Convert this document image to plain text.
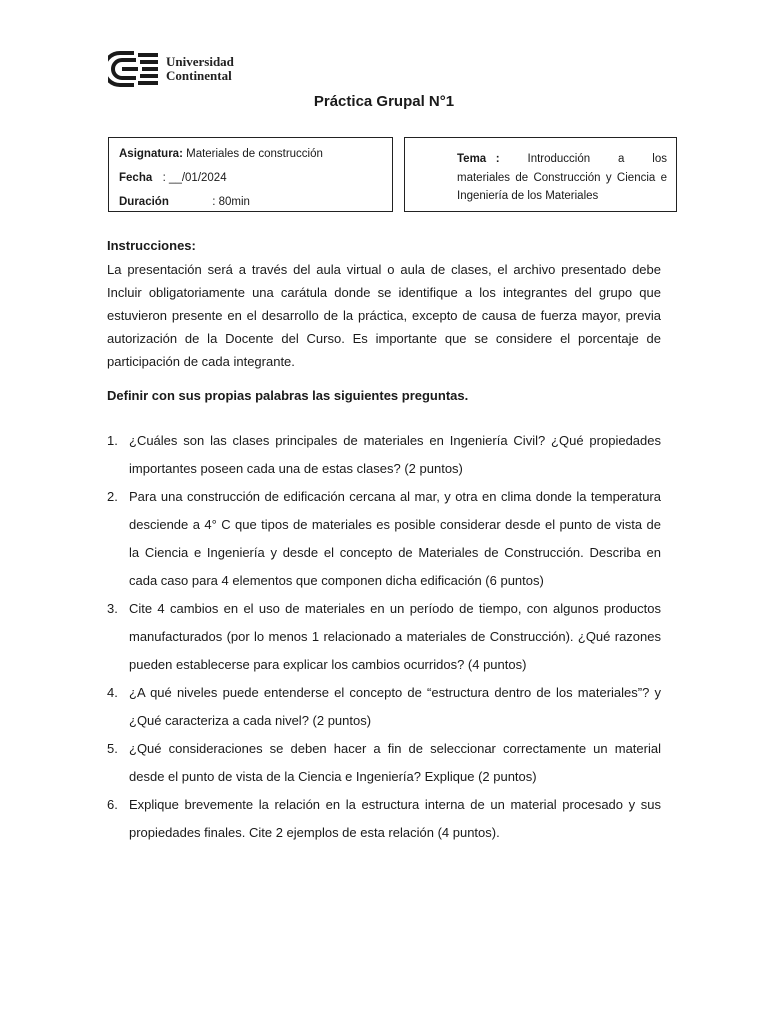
Universidad
Continental
Práctica Grupal N°1
Asignatura: Materiales de construcción
Fecha : __/01/2024
Duración	: 80min
Tema : Introducción a los
materiales de Construcción y Ciencia e Ingeniería de los Materiales
Instrucciones:
La presentación será a través del aula virtual o aula de clases, el archivo presentado debe Incluir obligatoriamente una carátula donde se identifique a los integrantes del grupo que estuvieron presente en el desarrollo de la práctica, excepto de causa de fuerza mayor, previa autorización de la Docente del Curso. Es importante que se considere el porcentaje de participación de cada integrante.
Definir con sus propias palabras las siguientes preguntas.
1. ¿Cuáles son las clases principales de materiales en Ingeniería Civil? ¿Qué propiedades importantes poseen cada una de estas clases? (2 puntos)
2. Para una construcción de edificación cercana al mar, y otra en clima donde la temperatura desciende a 4° C que tipos de materiales es posible considerar desde el punto de vista de la Ciencia e Ingeniería y desde el concepto de Materiales de Construcción. Describa en cada caso para 4 elementos que componen dicha edificación (6 puntos)
3. Cite 4 cambios en el uso de materiales en un período de tiempo, con algunos productos manufacturados (por lo menos 1 relacionado a materiales de Construcción). ¿Qué razones pueden establecerse para explicar los cambios ocurridos? (4 puntos)
4. ¿A qué niveles puede entenderse el concepto de “estructura dentro de los materiales”? y ¿Qué caracteriza a cada nivel? (2 puntos)
5. ¿Qué consideraciones se deben hacer a fin de seleccionar correctamente un material desde el punto de vista de la Ciencia e Ingeniería? Explique (2 puntos)
6. Explique brevemente la relación en la estructura interna de un material procesado y sus propiedades finales. Cite 2 ejemplos de esta relación (4 puntos).
